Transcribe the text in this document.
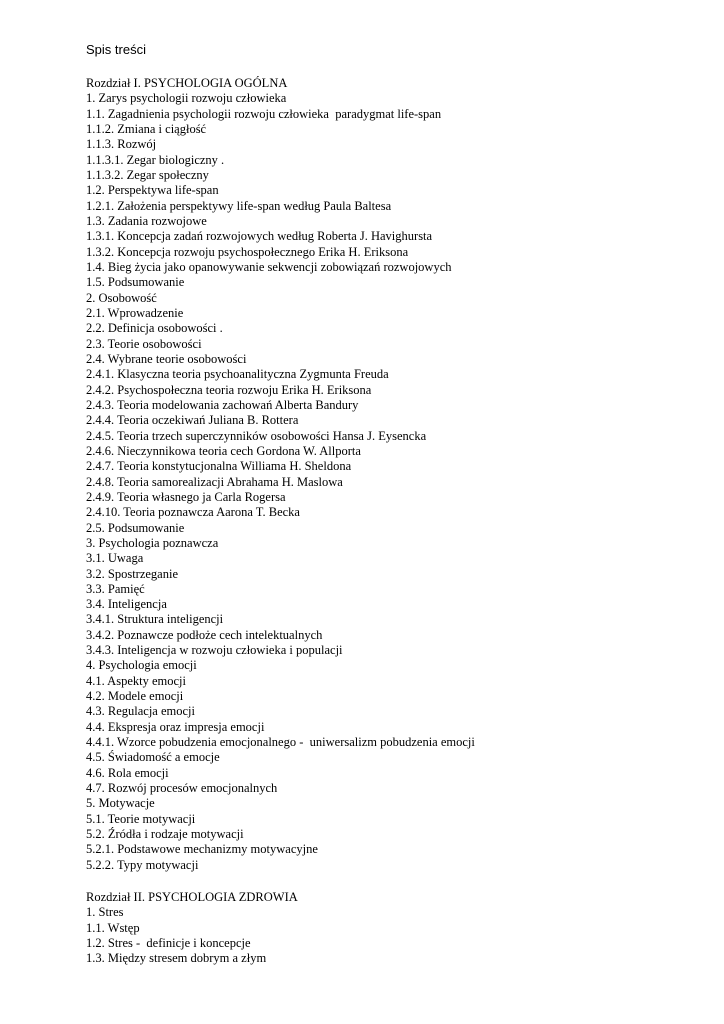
Spis treści
Rozdział I. PSYCHOLOGIA OGÓLNA
1. Zarys psychologii rozwoju człowieka
1.1. Zagadnienia psychologii rozwoju człowieka  paradygmat life-span
1.1.2. Zmiana i ciągłość
1.1.3. Rozwój
1.1.3.1. Zegar biologiczny .
1.1.3.2. Zegar społeczny
1.2. Perspektywa life-span
1.2.1. Założenia perspektywy life-span według Paula Baltesa
1.3. Zadania rozwojowe
1.3.1. Koncepcja zadań rozwojowych według Roberta J. Havighursta
1.3.2. Koncepcja rozwoju psychospołecznego Erika H. Eriksona
1.4. Bieg życia jako opanowywanie sekwencji zobowiązań rozwojowych
1.5. Podsumowanie
2. Osobowość
2.1. Wprowadzenie
2.2. Definicja osobowości .
2.3. Teorie osobowości
2.4. Wybrane teorie osobowości
2.4.1. Klasyczna teoria psychoanalityczna Zygmunta Freuda
2.4.2. Psychospołeczna teoria rozwoju Erika H. Eriksona
2.4.3. Teoria modelowania zachowań Alberta Bandury
2.4.4. Teoria oczekiwań Juliana B. Rottera
2.4.5. Teoria trzech superczynników osobowości Hansa J. Eysencka
2.4.6. Nieczynnikowa teoria cech Gordona W. Allporta
2.4.7. Teoria konstytucjonalna Williama H. Sheldona
2.4.8. Teoria samorealizacji Abrahama H. Maslowa
2.4.9. Teoria własnego ja Carla Rogersa
2.4.10. Teoria poznawcza Aarona T. Becka
2.5. Podsumowanie
3. Psychologia poznawcza
3.1. Uwaga
3.2. Spostrzeganie
3.3. Pamięć
3.4. Inteligencja
3.4.1. Struktura inteligencji
3.4.2. Poznawcze podłoże cech intelektualnych
3.4.3. Inteligencja w rozwoju człowieka i populacji
4. Psychologia emocji
4.1. Aspekty emocji
4.2. Modele emocji
4.3. Regulacja emocji
4.4. Ekspresja oraz impresja emocji
4.4.1. Wzorce pobudzenia emocjonalnego -  uniwersalizm pobudzenia emocji
4.5. Świadomość a emocje
4.6. Rola emocji
4.7. Rozwój procesów emocjonalnych
5. Motywacje
5.1. Teorie motywacji
5.2. Źródła i rodzaje motywacji
5.2.1. Podstawowe mechanizmy motywacyjne
5.2.2. Typy motywacji
Rozdział II. PSYCHOLOGIA ZDROWIA
1. Stres
1.1. Wstęp
1.2. Stres -  definicje i koncepcje
1.3. Między stresem dobrym a złym
